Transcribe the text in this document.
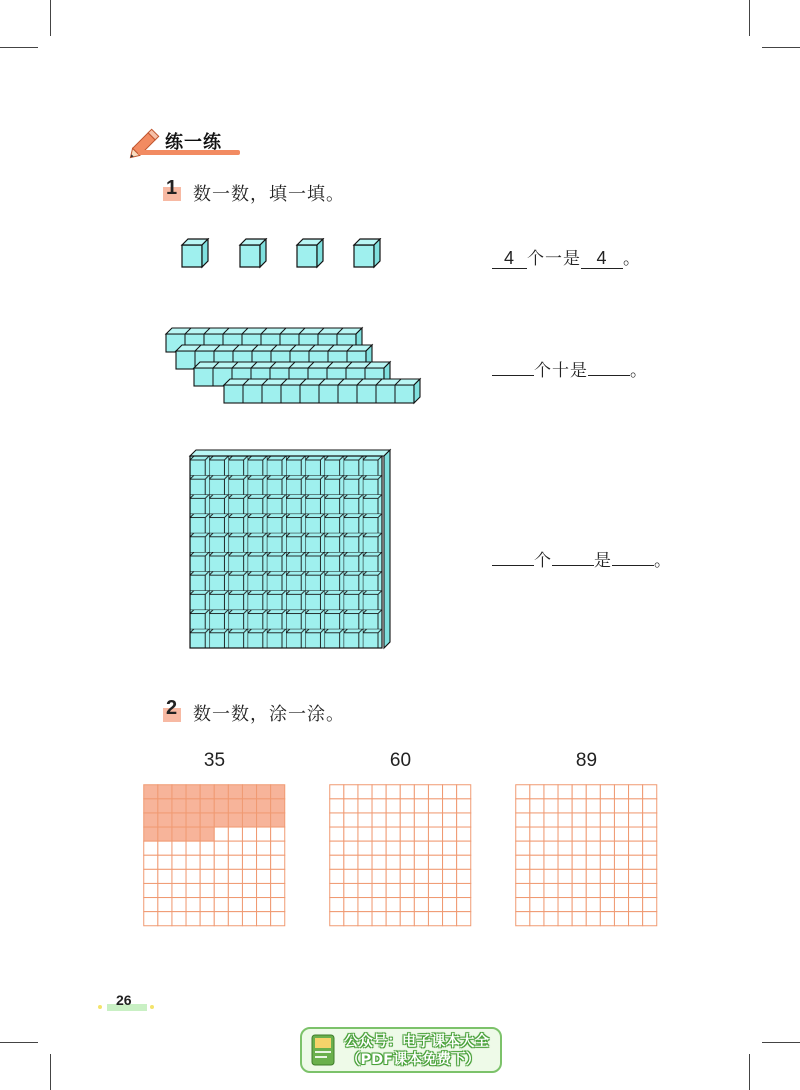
练一练
1 数一数，填一填。
4 个一是 4 。
个十是 。
个 是 。
2 数一数，涂一涂。
35	60	89
26
公众号：电子课本大全
（PDF课本免费下）
